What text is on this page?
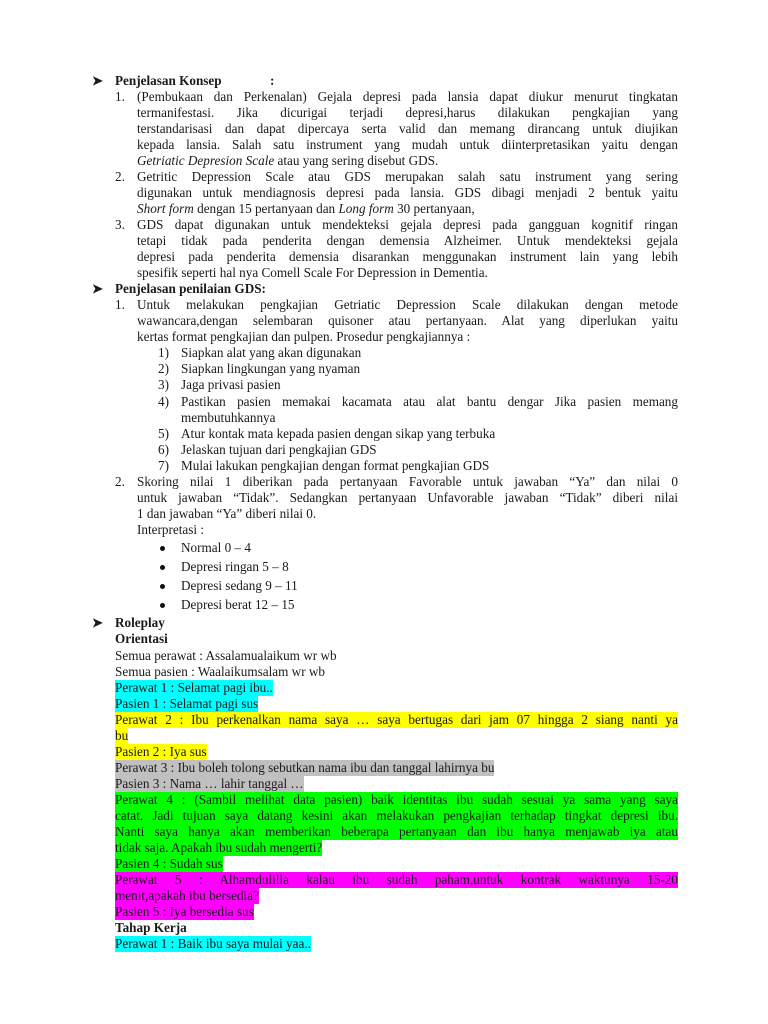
➤ Penjelasan Konsep	:
1. (Pembukaan dan Perkenalan) Gejala depresi pada lansia dapat diukur menurut tingkatan
termanifestasi. Jika dicurigai terjadi depresi,harus dilakukan pengkajian yang
terstandarisasi dan dapat dipercaya serta valid dan memang dirancang untuk diujikan
kepada lansia. Salah satu instrument yang mudah untuk diinterpretasikan yaitu dengan
Getriatic Depresion Scale atau yang sering disebut GDS.
2. Getritic Depression Scale atau GDS merupakan salah satu instrument yang sering
digunakan untuk mendiagnosis depresi pada lansia. GDS dibagi menjadi 2 bentuk yaitu
Short form dengan 15 pertanyaan dan Long form 30 pertanyaan,
3. GDS dapat digunakan untuk mendekteksi gejala depresi pada gangguan kognitif ringan
tetapi tidak pada penderita dengan demensia Alzheimer. Untuk mendekteksi gejala
depresi pada penderita demensia disarankan menggunakan instrument lain yang lebih
spesifik seperti hal nya Comell Scale For Depression in Dementia.
➤ Penjelasan penilaian GDS:
1. Untuk melakukan pengkajian Getriatic Depression Scale dilakukan dengan metode
wawancara,dengan selembaran quisoner atau pertanyaan. Alat yang diperlukan yaitu
kertas format pengkajian dan pulpen. Prosedur pengkajiannya :
1) Siapkan alat yang akan digunakan
2) Siapkan lingkungan yang nyaman
3) Jaga privasi pasien
4) Pastikan pasien memakai kacamata atau alat bantu dengar Jika pasien memang
membutuhkannya
5) Atur kontak mata kepada pasien dengan sikap yang terbuka
6) Jelaskan tujuan dari pengkajian GDS
7) Mulai lakukan pengkajian dengan format pengkajian GDS
2. Skoring nilai 1 diberikan pada pertanyaan Favorable untuk jawaban “Ya” dan nilai 0
untuk jawaban “Tidak”. Sedangkan pertanyaan Unfavorable jawaban “Tidak” diberi nilai
1 dan jawaban “Ya” diberi nilai 0.
Interpretasi :
Normal 0 – 4
Depresi ringan 5 – 8
Depresi sedang 9 – 11
Depresi berat 12 – 15
➤ Roleplay
Orientasi
Semua perawat : Assalamualaikum wr wb
Semua pasien : Waalaikumsalam wr wb
Perawat 1 : Selamat pagi ibu..
Pasien 1 : Selamat pagi sus
Perawat 2 : Ibu perkenalkan nama saya … saya bertugas dari jam 07 hingga 2 siang nanti ya
bu
Pasien 2 : Iya sus
Perawat 3 : Ibu boleh tolong sebutkan nama ibu dan tanggal lahirnya bu
Pasien 3 : Nama … lahir tanggal …
Perawat 4 : (Sambil melihat data pasien) baik identitas ibu sudah sesuai ya sama yang saya
catat. Jadi tujuan saya datang kesini akan melakukan pengkajian terhadap tingkat depresi ibu.
Nanti saya hanya akan memberikan beberapa pertanyaan dan ibu hanya menjawab iya atau
tidak saja. Apakah ibu sudah mengerti?
Pasien 4 : Sudah sus
Perawat 5 : Alhamdulilla kalau ibu sudah paham,untuk kontrak waktunya 15-20
menit,apakah ibu bersedia?
Pasien 5 : Iya bersedia sus
Tahap Kerja
Perawat 1 : Baik ibu saya mulai yaa..
